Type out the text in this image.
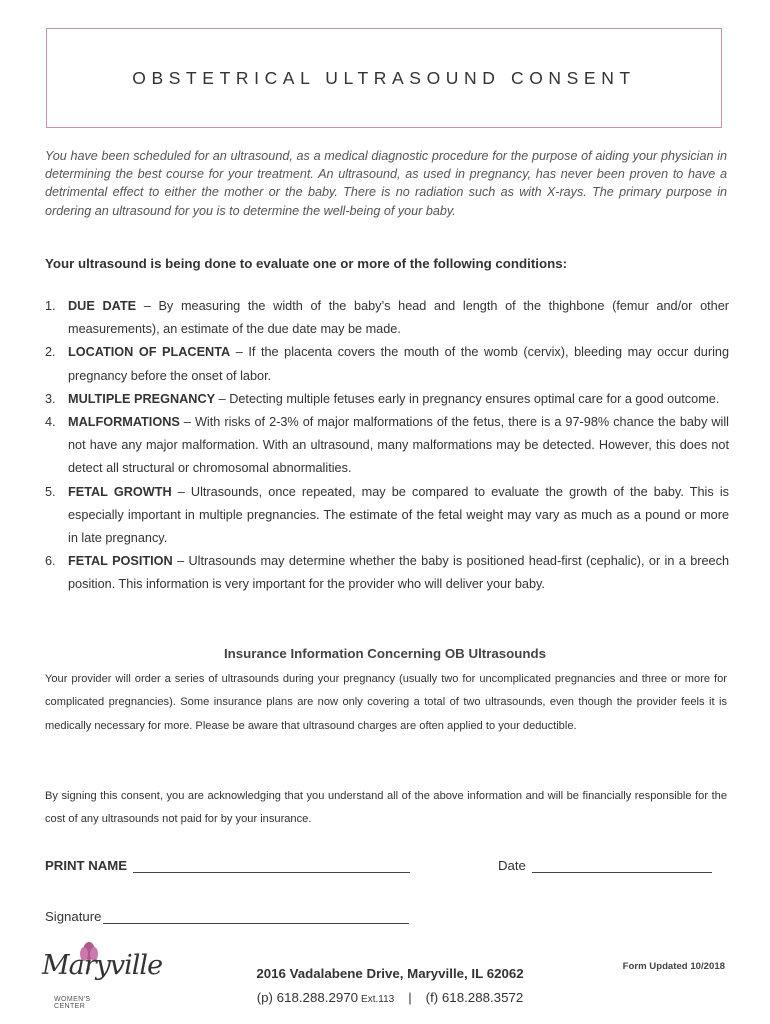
OBSTETRICAL ULTRASOUND CONSENT

You have been scheduled for an ultrasound, as a medical diagnostic procedure for the purpose of aiding your physician in determining the best course for your treatment. An ultrasound, as used in pregnancy, has never been proven to have a detrimental effect to either the mother or the baby. There is no radiation such as with X-rays. The primary purpose in ordering an ultrasound for you is to determine the well-being of your baby.

Your ultrasound is being done to evaluate one or more of the following conditions:

1. DUE DATE – By measuring the width of the baby’s head and length of the thighbone (femur and/or other measurements), an estimate of the due date may be made.
2. LOCATION OF PLACENTA – If the placenta covers the mouth of the womb (cervix), bleeding may occur during pregnancy before the onset of labor.
3. MULTIPLE PREGNANCY – Detecting multiple fetuses early in pregnancy ensures optimal care for a good outcome.
4. MALFORMATIONS – With risks of 2-3% of major malformations of the fetus, there is a 97-98% chance the baby will not have any major malformation. With an ultrasound, many malformations may be detected. However, this does not detect all structural or chromosomal abnormalities.
5. FETAL GROWTH – Ultrasounds, once repeated, may be compared to evaluate the growth of the baby. This is especially important in multiple pregnancies. The estimate of the fetal weight may vary as much as a pound or more in late pregnancy.
6. FETAL POSITION – Ultrasounds may determine whether the baby is positioned head-first (cephalic), or in a breech position. This information is very important for the provider who will deliver your baby.

Insurance Information Concerning OB Ultrasounds

Your provider will order a series of ultrasounds during your pregnancy (usually two for uncomplicated pregnancies and three or more for complicated pregnancies). Some insurance plans are now only covering a total of two ultrasounds, even though the provider feels it is medically necessary for more. Please be aware that ultrasound charges are often applied to your deductible.

By signing this consent, you are acknowledging that you understand all of the above information and will be financially responsible for the cost of any ultrasounds not paid for by your insurance.

PRINT NAME	Date
Signature
Maryville
WOMEN'S CENTER

2016 Vadalabene Drive, Maryville, IL 62062

(p) 618.288.2970 Ext.113 | (f) 618.288.3572

Form Updated 10/2018
